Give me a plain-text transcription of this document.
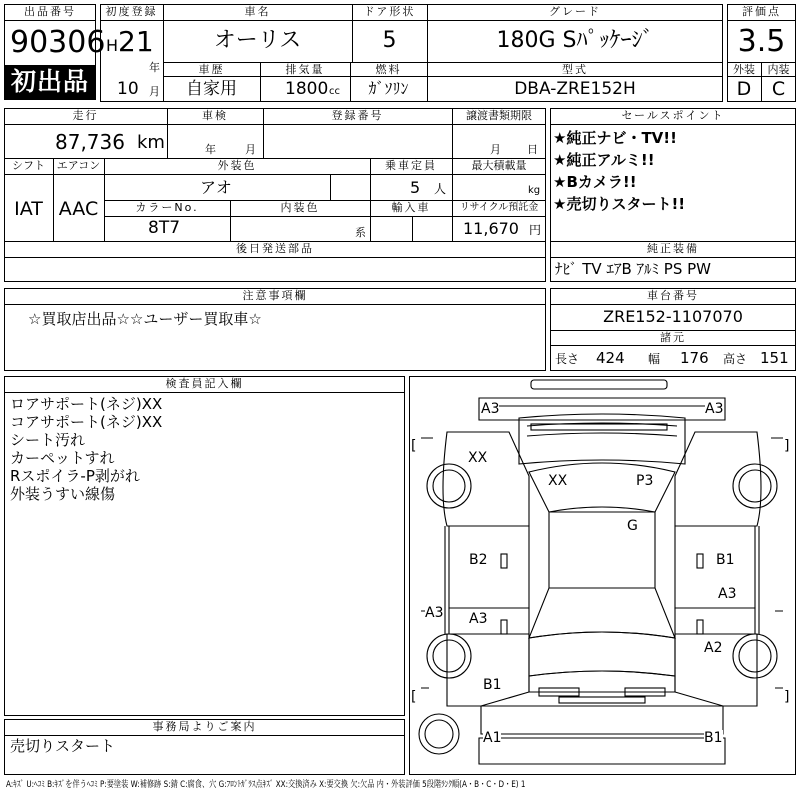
出品番号
90306
初出品
初度登録
H 21
年
10 月
車名
オーリス
ドア形状
5
グレード
180G Sﾊﾟｯｹｰｼﾞ
車歴
自家用
排気量
1800 cc
燃料
ｶﾞｿﾘﾝ
型式
DBA-ZRE152H
評価点
3.5
外装	内装
D	C
走行
87,736 km
車検
年	月
登録番号	譲渡書類期限
月 日
シフト
IAT
エアコン
AAC
外装色
アオ
乗車定員
5 人
最大積載量
kg
カラーNo.
8T7
内装色
系
輸入車	リサイクル預託金
11,670 円
後日発送部品
セールスポイント
★純正ナビ・TV!!
★純正アルミ!!
★Bカメラ!!
★売切りスタート!!
純正装備
ﾅﾋﾞ TV ｴｱB ｱﾙﾐ PS PW
注意事項欄
☆買取店出品☆☆ユーザー買取車☆
車台番号
ZRE152-1107070
諸元
長さ 424 幅 176 高さ 151
検査員記入欄
ロアサポート(ネジ)XX
コアサポート(ネジ)XX
シート汚れ
カーペットすれ
Rスポイラ-P剥がれ
外装うすい線傷
事務局よりご案内
売切りスタート
[	]
[	]
A3	A3
XX
XX	P3
G
B2	B1
A3
A3 A3
A2
B1
A1	B1
A:ｷｽﾞ U:ﾍｺﾐ B:ｷｽﾞを伴うﾍｺﾐ P:要塗装 W:補修跡 S:錆 C:腐食、穴 G:ﾌﾛﾝﾄｶﾞﾗｽ点ｷｽﾞ XX:交換済み X:要交換 欠:欠品 内・外装評価 5段階ﾗﾝｸ順(A・B・C・D・E) 1
